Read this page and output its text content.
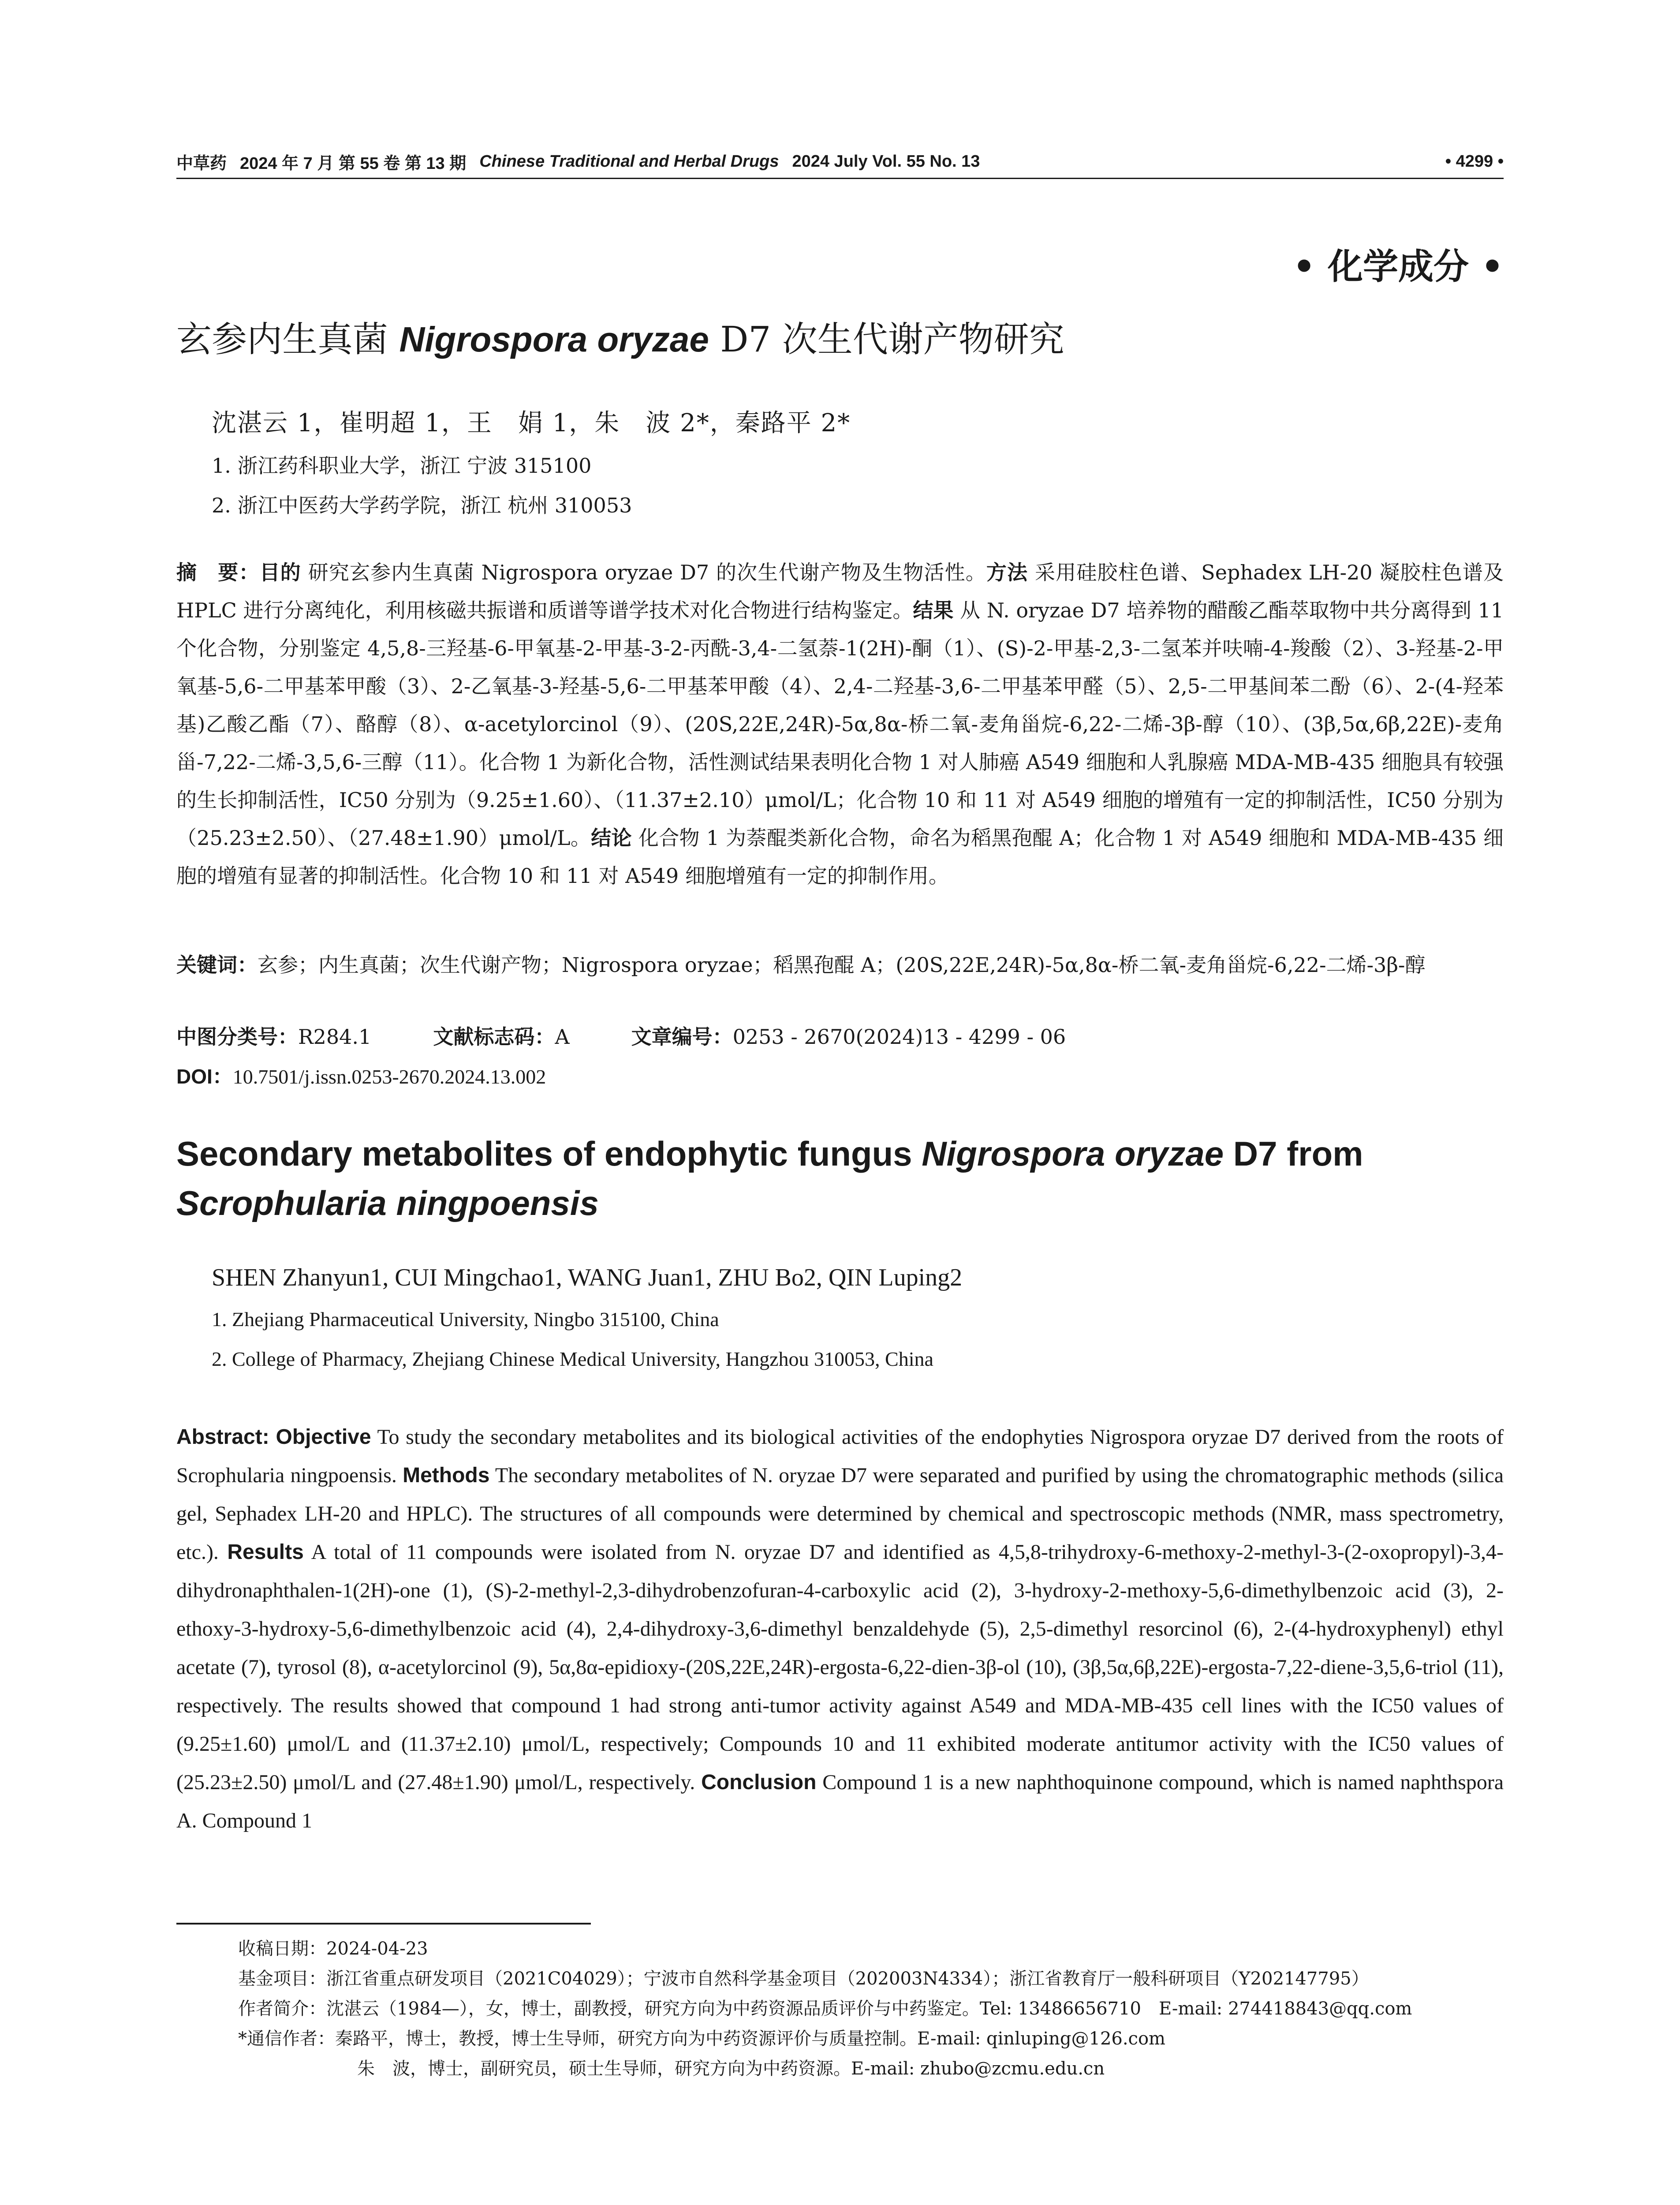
中草药 2024 年 7 月 第 55 卷 第 13 期 Chinese Traditional and Herbal Drugs 2024 July Vol. 55 No. 13	• 4299 •
• 化学成分 •
玄参内生真菌 Nigrospora oryzae D7 次生代谢产物研究
沈湛云 1，崔明超 1，王　娟 1，朱　波 2*，秦路平 2*
1. 浙江药科职业大学，浙江 宁波 315100
2. 浙江中医药大学药学院，浙江 杭州 310053
摘　要：目的 研究玄参内生真菌 Nigrospora oryzae D7 的次生代谢产物及生物活性。方法 采用硅胶柱色谱、Sephadex LH-20 凝胶柱色谱及 HPLC 进行分离纯化，利用核磁共振谱和质谱等谱学技术对化合物进行结构鉴定。结果 从 N. oryzae D7 培养物的醋酸乙酯萃取物中共分离得到 11 个化合物，分别鉴定 4,5,8-三羟基-6-甲氧基-2-甲基-3-2-丙酰-3,4-二氢萘-1(2H)-酮（1）、(S)-2-甲基-2,3-二氢苯并呋喃-4-羧酸（2）、3-羟基-2-甲氧基-5,6-二甲基苯甲酸（3）、2-乙氧基-3-羟基-5,6-二甲基苯甲酸（4）、2,4-二羟基-3,6-二甲基苯甲醛（5）、2,5-二甲基间苯二酚（6）、2-(4-羟苯基)乙酸乙酯（7）、酪醇（8）、α-acetylorcinol（9）、(20S,22E,24R)-5α,8α-桥二氧-麦角甾烷-6,22-二烯-3β-醇（10）、(3β,5α,6β,22E)-麦角甾-7,22-二烯-3,5,6-三醇（11）。化合物 1 为新化合物，活性测试结果表明化合物 1 对人肺癌 A549 细胞和人乳腺癌 MDA-MB-435 细胞具有较强的生长抑制活性，IC50 分别为（9.25±1.60）、（11.37±2.10）μmol/L；化合物 10 和 11 对 A549 细胞的增殖有一定的抑制活性，IC50 分别为（25.23±2.50）、（27.48±1.90）μmol/L。结论 化合物 1 为萘醌类新化合物，命名为稻黑孢醌 A；化合物 1 对 A549 细胞和 MDA-MB-435 细胞的增殖有显著的抑制活性。化合物 10 和 11 对 A549 细胞增殖有一定的抑制作用。
关键词：玄参；内生真菌；次生代谢产物；Nigrospora oryzae；稻黑孢醌 A；(20S,22E,24R)-5α,8α-桥二氧-麦角甾烷-6,22-二烯-3β-醇
中图分类号：R284.1	文献标志码：A	文章编号：0253 - 2670(2024)13 - 4299 - 06
DOI：10.7501/j.issn.0253-2670.2024.13.002
Secondary metabolites of endophytic fungus Nigrospora oryzae D7 from
Scrophularia ningpoensis
SHEN Zhanyun1, CUI Mingchao1, WANG Juan1, ZHU Bo2, QIN Luping2
1. Zhejiang Pharmaceutical University, Ningbo 315100, China
2. College of Pharmacy, Zhejiang Chinese Medical University, Hangzhou 310053, China
Abstract: Objective To study the secondary metabolites and its biological activities of the endophyties Nigrospora oryzae D7 derived from the roots of Scrophularia ningpoensis. Methods The secondary metabolites of N. oryzae D7 were separated and purified by using the chromatographic methods (silica gel, Sephadex LH-20 and HPLC). The structures of all compounds were determined by chemical and spectroscopic methods (NMR, mass spectrometry, etc.). Results A total of 11 compounds were isolated from N. oryzae D7 and identified as 4,5,8-trihydroxy-6-methoxy-2-methyl-3-(2-oxopropyl)-3,4-dihydronaphthalen-1(2H)-one (1), (S)-2-methyl-2,3-dihydrobenzofuran-4-carboxylic acid (2), 3-hydroxy-2-methoxy-5,6-dimethylbenzoic acid (3), 2-ethoxy-3-hydroxy-5,6-dimethylbenzoic acid (4), 2,4-dihydroxy-3,6-dimethyl benzaldehyde (5), 2,5-dimethyl resorcinol (6), 2-(4-hydroxyphenyl) ethyl acetate (7), tyrosol (8), α-acetylorcinol (9), 5α,8α-epidioxy-(20S,22E,24R)-ergosta-6,22-dien-3β-ol (10), (3β,5α,6β,22E)-ergosta-7,22-diene-3,5,6-triol (11), respectively. The results showed that compound 1 had strong anti-tumor activity against A549 and MDA-MB-435 cell lines with the IC50 values of (9.25±1.60) μmol/L and (11.37±2.10) μmol/L, respectively; Compounds 10 and 11 exhibited moderate antitumor activity with the IC50 values of (25.23±2.50) μmol/L and (27.48±1.90) μmol/L, respectively. Conclusion Compound 1 is a new naphthoquinone compound, which is named naphthspora A. Compound 1
收稿日期：2024-04-23
基金项目：浙江省重点研发项目（2021C04029）；宁波市自然科学基金项目（202003N4334）；浙江省教育厅一般科研项目（Y202147795）
作者简介：沈湛云（1984—），女，博士，副教授，研究方向为中药资源品质评价与中药鉴定。Tel: 13486656710　E-mail: 274418843@qq.com
*通信作者：秦路平，博士，教授，博士生导师，研究方向为中药资源评价与质量控制。E-mail: qinluping@126.com
朱　波，博士，副研究员，硕士生导师，研究方向为中药资源。E-mail: zhubo@zcmu.edu.cn
